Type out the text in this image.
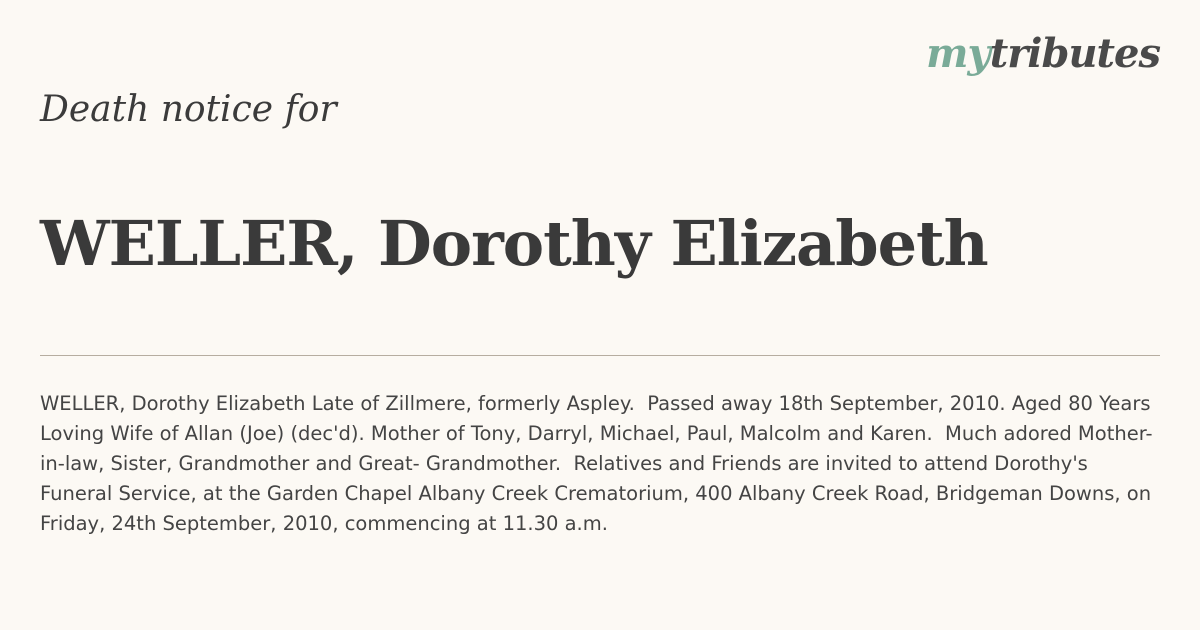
mytributes
Death notice for
WELLER, Dorothy Elizabeth

WELLER, Dorothy Elizabeth Late of Zillmere, formerly Aspley.  Passed away 18th September, 2010. Aged 80 Years Loving Wife of Allan (Joe) (dec'd). Mother of Tony, Darryl, Michael, Paul, Malcolm and Karen.  Much adored Mother-in-law, Sister, Grandmother and Great- Grandmother.  Relatives and Friends are invited to attend Dorothy's Funeral Service, at the Garden Chapel Albany Creek Crematorium, 400 Albany Creek Road, Bridgeman Downs, on Friday, 24th September, 2010, commencing at 11.30 a.m.
